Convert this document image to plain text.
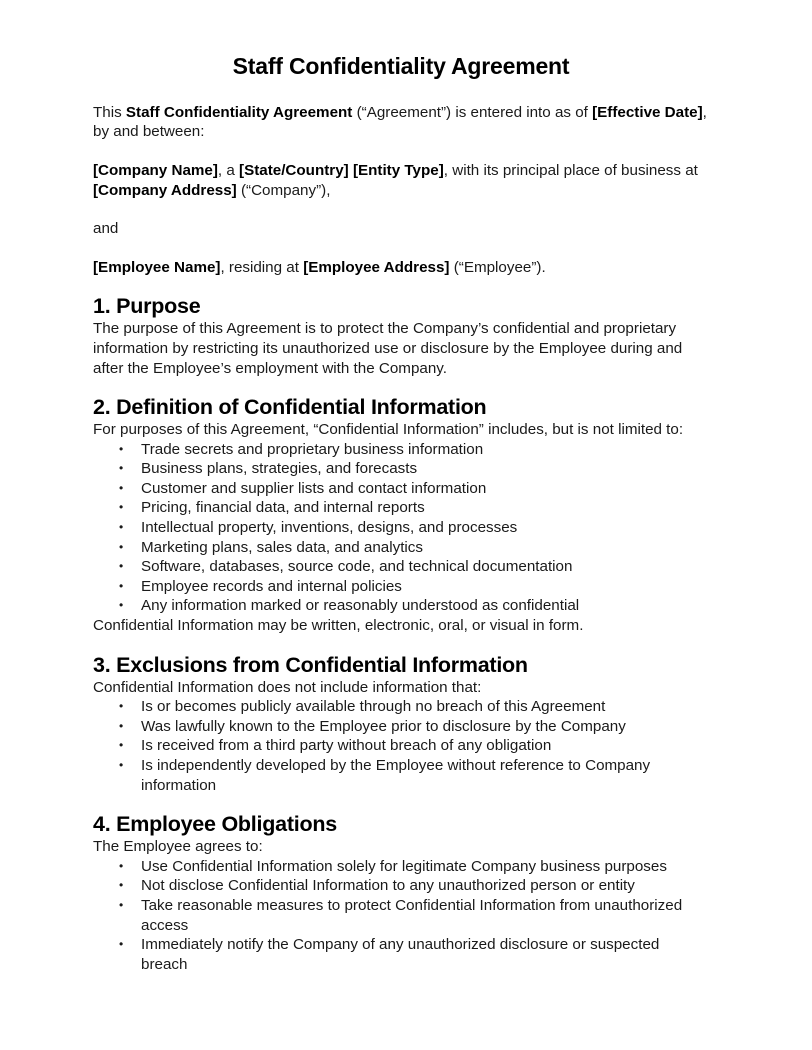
Staff Confidentiality Agreement

This Staff Confidentiality Agreement (“Agreement”) is entered into as of [Effective Date], by and between:

[Company Name], a [State/Country] [Entity Type], with its principal place of business at [Company Address] (“Company”),

and

[Employee Name], residing at [Employee Address] (“Employee”).

1. Purpose

The purpose of this Agreement is to protect the Company’s confidential and proprietary information by restricting its unauthorized use or disclosure by the Employee during and after the Employee’s employment with the Company.

2. Definition of Confidential Information

For purposes of this Agreement, “Confidential Information” includes, but is not limited to:

• Trade secrets and proprietary business information
• Business plans, strategies, and forecasts
• Customer and supplier lists and contact information
• Pricing, financial data, and internal reports
• Intellectual property, inventions, designs, and processes
• Marketing plans, sales data, and analytics
• Software, databases, source code, and technical documentation
• Employee records and internal policies
• Any information marked or reasonably understood as confidential

Confidential Information may be written, electronic, oral, or visual in form.

3. Exclusions from Confidential Information

Confidential Information does not include information that:

• Is or becomes publicly available through no breach of this Agreement
• Was lawfully known to the Employee prior to disclosure by the Company
• Is received from a third party without breach of any obligation
• Is independently developed by the Employee without reference to Company information
4. Employee Obligations

The Employee agrees to:

• Use Confidential Information solely for legitimate Company business purposes
• Not disclose Confidential Information to any unauthorized person or entity
• Take reasonable measures to protect Confidential Information from unauthorized access
• Immediately notify the Company of any unauthorized disclosure or suspected breach
